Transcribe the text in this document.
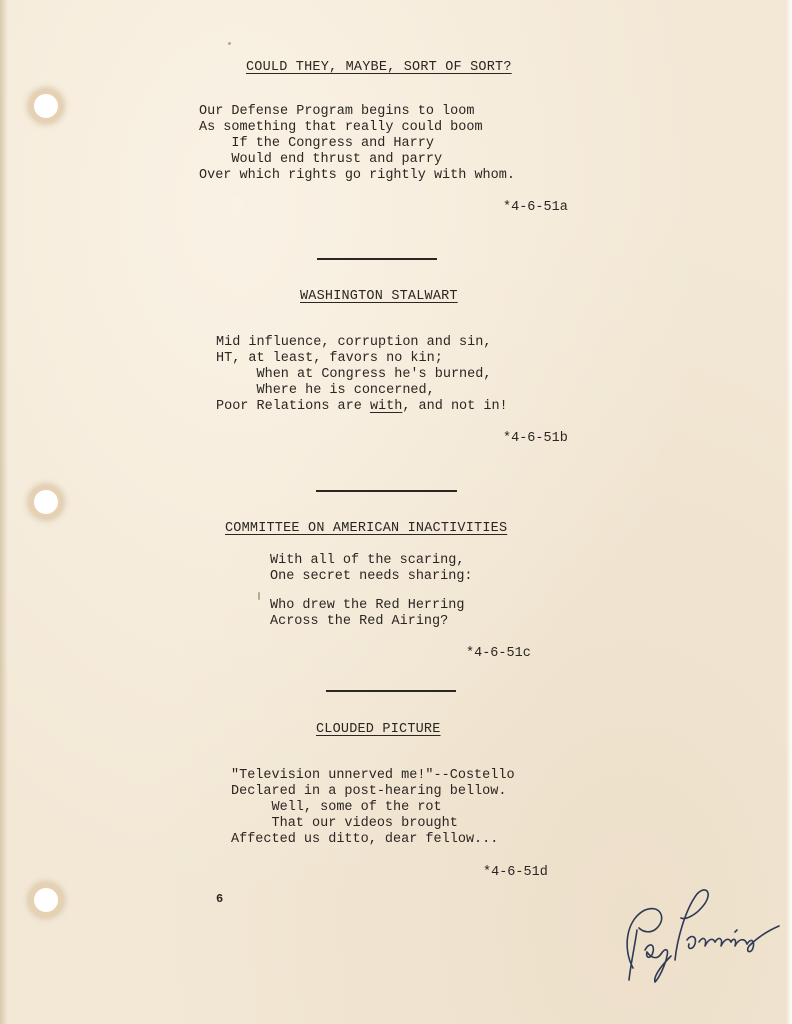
COULD THEY, MAYBE, SORT OF SORT?
Our Defense Program begins to loom
As something that really could boom
If the Congress and Harry
Would end thrust and parry
Over which rights go rightly with whom.
*4-6-51a
WASHINGTON STALWART
Mid influence, corruption and sin,
HT, at least, favors no kin;
When at Congress he's burned,
Where he is concerned,
Poor Relations are with, and not in!
*4-6-51b
COMMITTEE ON AMERICAN INACTIVITIES
With all of the scaring,
One secret needs sharing:
Who drew the Red Herring
Across the Red Airing?
*4-6-51c
CLOUDED PICTURE
"Television unnerved me!"--Costello
Declared in a post-hearing bellow.
Well, some of the rot
That our videos brought
Affected us ditto, dear fellow...
*4-6-51d
6
